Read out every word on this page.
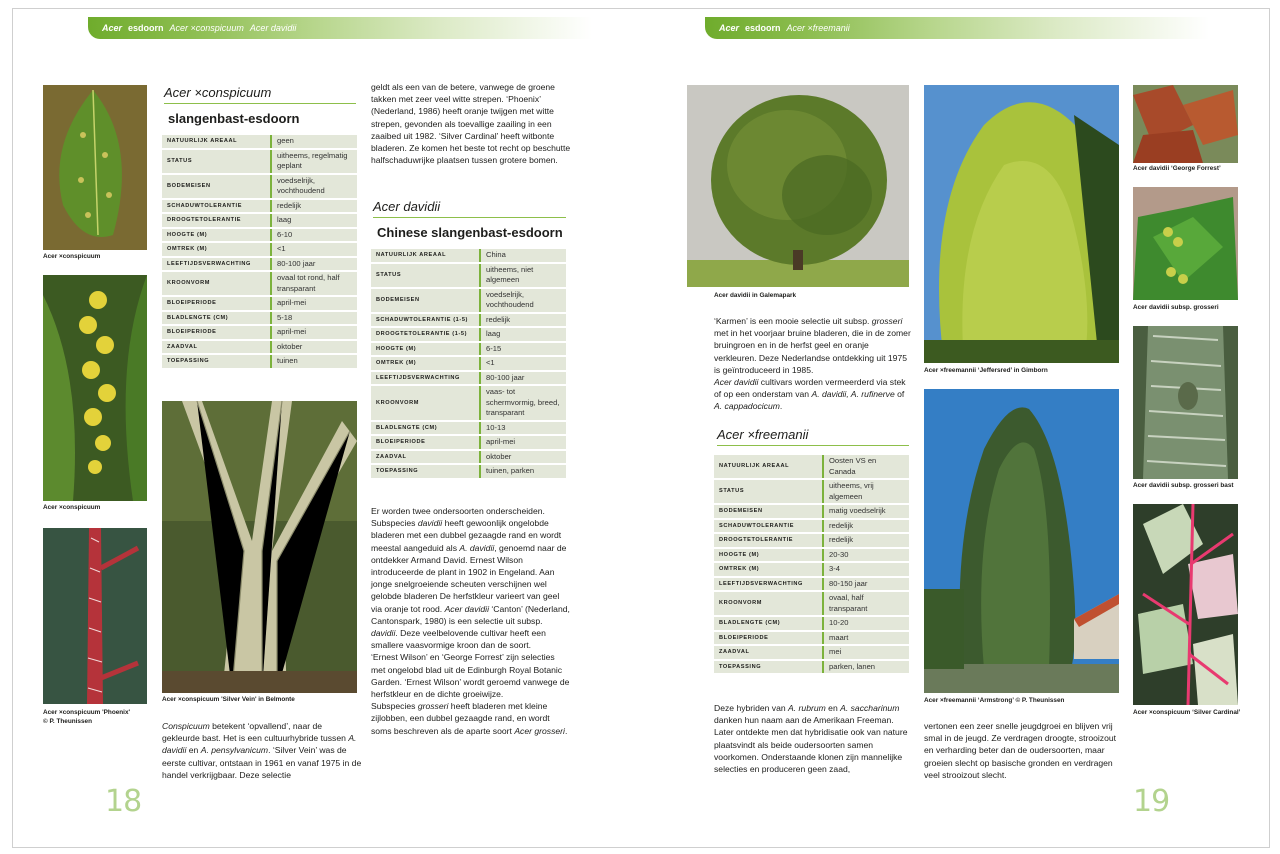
Acer esdoorn Acer ×conspicuum Acer davidii
Acer ×conspicuum
Acer ×conspicuum
Acer ×conspicuum 'Phoenix'
© P. Theunissen
Acer ×conspicuum
slangenbast-esdoorn
NATUURLIJK AREAAL	geen
STATUS	uitheems, regelmatig geplant
BODEMEISEN	voedselrijk, vochthoudend
SCHADUWTOLERANTIE	redelijk
DROOGTETOLERANTIE	laag
HOOGTE (M)	6-10
OMTREK (M)	<1
LEEFTIJDSVERWACHTING	80-100 jaar
KROONVORM	ovaal tot rond, half transparant
BLOEIPERIODE	april-mei
BLADLENGTE (CM)	5-18
BLOEIPERIODE	april-mei
ZAADVAL	oktober
TOEPASSING	tuinen
Acer ×conspicuum 'Silver Vein' in Belmonte
Conspicuum betekent ‘opvallend’, naar de gekleurde bast. Het is een cultuurhybride tussen A. davidii en A. pensylvanicum. ‘Silver Vein’ was de eerste cultivar, ontstaan in 1961 en vanaf 1975 in de handel verkrijgbaar. Deze selectie
geldt als een van de betere, vanwege de groene takken met zeer veel witte strepen. ‘Phoenix’ (Nederland, 1986) heeft oranje twijgen met witte strepen, gevonden als toevallige zaailing in een zaaibed uit 1982. ‘Silver Cardinal’ heeft witbonte bladeren. Ze komen het beste tot recht op beschutte halfschaduwrijke plaatsen tussen grotere bomen.
Acer davidii
Chinese slangenbast-esdoorn
NATUURLIJK AREAAL	China
STATUS	uitheems, niet algemeen
BODEMEISEN	voedselrijk, vochthoudend
SCHADUWTOLERANTIE (1-5)	redelijk
DROOGTETOLERANTIE (1-5)	laag
HOOGTE (M)	6-15
OMTREK (M)	<1
LEEFTIJDSVERWACHTING	80-100 jaar
KROONVORM	vaas- tot schermvormig, breed, transparant
BLADLENGTE (CM)	10-13
BLOEIPERIODE	april-mei
ZAADVAL	oktober
TOEPASSING	tuinen, parken
Er worden twee ondersoorten onderscheiden. Subspecies davidii heeft gewoonlijk ongelobde bladeren met een dubbel gezaagde rand en wordt meestal aangeduid als A. davidii, genoemd naar de ontdekker Armand David. Ernest Wilson introduceerde de plant in 1902 in Engeland. Aan jonge snelgroeiende scheuten verschijnen wel gelobde bladeren De herfstkleur varieert van geel via oranje tot rood. Acer davidii ‘Canton’ (Nederland, Cantonspark, 1980) is een selectie uit subsp. davidii. Deze veelbelovende cultivar heeft een smallere vaasvormige kroon dan de soort.
‘Ernest Wilson’ en ‘George Forrest’ zijn selecties met ongelobd blad uit de Edinburgh Royal Botanic Garden. ‘Ernest Wilson’ wordt geroemd vanwege de herfstkleur en de dichte groeiwijze.
Subspecies grosseri heeft bladeren met kleine zijlobben, een dubbel gezaagde rand, en wordt soms beschreven als de aparte soort Acer grosseri.
18
Acer esdoorn Acer ×freemanii
Acer davidii in Galemapark
‘Karmen’ is een mooie selectie uit subsp. grosseri met in het voorjaar bruine bladeren, die in de zomer bruingroen en in de herfst geel en oranje verkleuren. Deze Nederlandse ontdekking uit 1975 is geïntroduceerd in 1985.
Acer davidii cultivars worden vermeerderd via stek of op een onderstam van A. davidii, A. rufinerve of A. cappadocicum.
Acer ×freemanii
NATUURLIJK AREAAL	Oosten VS en Canada
STATUS	uitheems, vrij algemeen
BODEMEISEN	matig voedselrijk
SCHADUWTOLERANTIE	redelijk
DROOGTETOLERANTIE	redelijk
HOOGTE (M)	20-30
OMTREK (M)	3-4
LEEFTIJDSVERWACHTING	80-150 jaar
KROONVORM	ovaal, half transparant
BLADLENGTE (CM)	10-20
BLOEIPERIODE	maart
ZAADVAL	mei
TOEPASSING	parken, lanen
Deze hybriden van A. rubrum en A. saccharinum danken hun naam aan de Amerikaan Freeman.
Later ontdekte men dat hybridisatie ook van nature plaatsvindt als beide oudersoorten samen voorkomen. Onderstaande klonen zijn mannelijke selecties en produceren geen zaad,
Acer ×freemannii ‘Jeffersred’ in Gimborn
Acer ×freemannii ‘Armstrong’ © P. Theunissen
vertonen een zeer snelle jeugdgroei en blijven vrij smal in de jeugd. Ze verdragen droogte, strooizout en verharding beter dan de oudersoorten, maar groeien slecht op basische gronden en verdragen veel strooizout slecht.
Acer davidii ‘George Forrest’
Acer davidii subsp. grosseri
Acer davidii subsp. grosseri bast
Acer ×conspicuum ‘Silver Cardinal’
19
